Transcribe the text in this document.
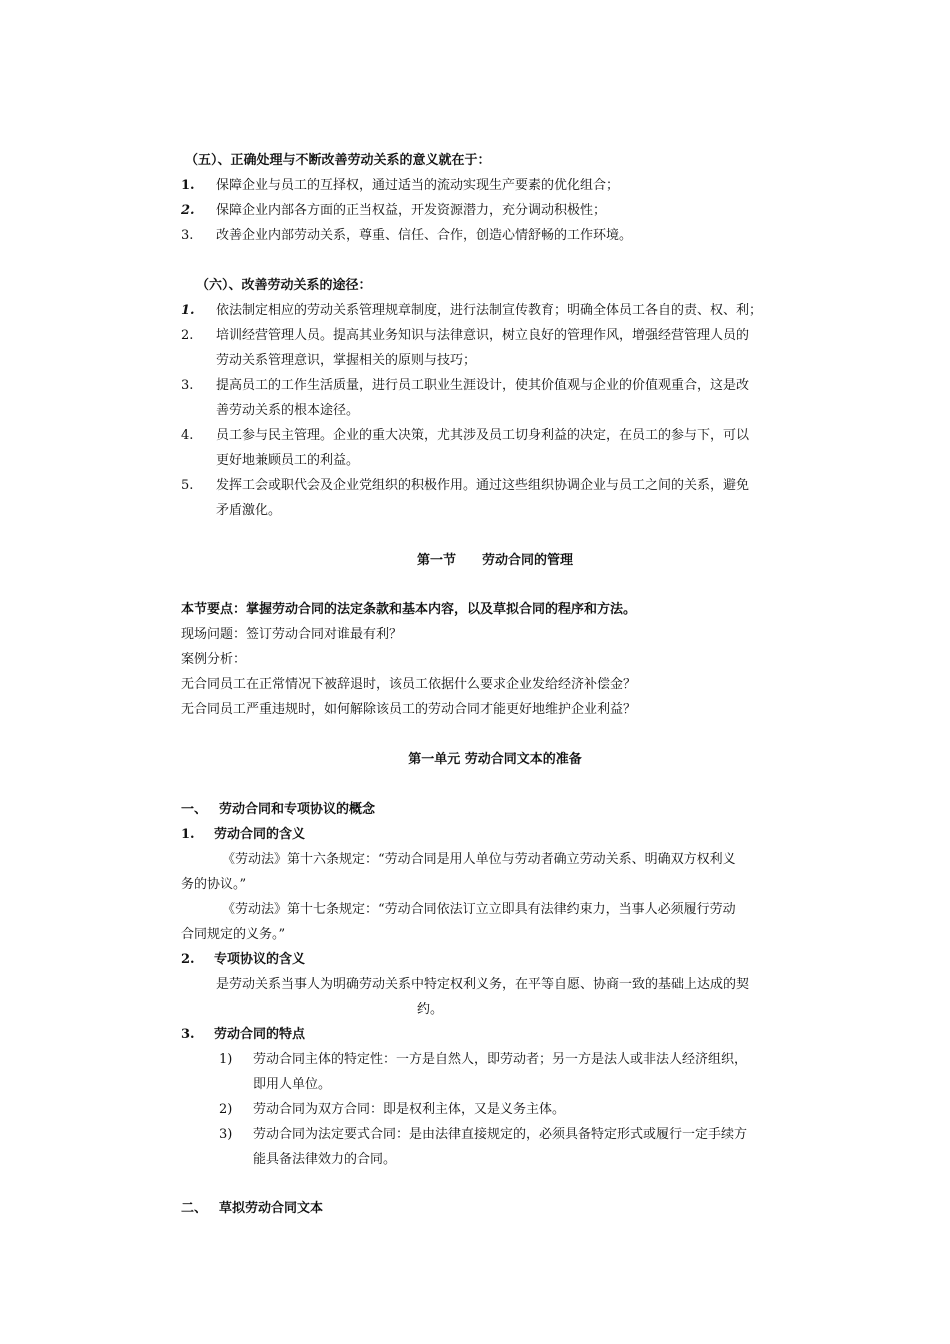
（五）、正确处理与不断改善劳动关系的意义就在于：
1. 保障企业与员工的互择权，通过适当的流动实现生产要素的优化组合；
2. 保障企业内部各方面的正当权益，开发资源潜力，充分调动积极性；
3. 改善企业内部劳动关系，尊重、信任、合作，创造心情舒畅的工作环境。
（六）、改善劳动关系的途径：
1. 依法制定相应的劳动关系管理规章制度，进行法制宣传教育；明确全体员工各自的责、权、利；
2. 培训经营管理人员。提高其业务知识与法律意识，树立良好的管理作风，增强经营管理人员的
劳动关系管理意识，掌握相关的原则与技巧；
3. 提高员工的工作生活质量，进行员工职业生涯设计，使其价值观与企业的价值观重合，这是改
善劳动关系的根本途径。
4. 员工参与民主管理。企业的重大决策，尤其涉及员工切身利益的决定，在员工的参与下，可以
更好地兼顾员工的利益。
5. 发挥工会或职代会及企业党组织的积极作用。通过这些组织协调企业与员工之间的关系，避免
矛盾激化。
第一节　　劳动合同的管理
本节要点：掌握劳动合同的法定条款和基本内容，以及草拟合同的程序和方法。
现场问题：签订劳动合同对谁最有利？
案例分析：
无合同员工在正常情况下被辞退时，该员工依据什么要求企业发给经济补偿金？
无合同员工严重违规时，如何解除该员工的劳动合同才能更好地维护企业利益？
第一单元 劳动合同文本的准备
一、 劳动合同和专项协议的概念
1. 劳动合同的含义
《劳动法》第十六条规定：“劳动合同是用人单位与劳动者确立劳动关系、明确双方权利义
务的协议。”
《劳动法》第十七条规定：“劳动合同依法订立立即具有法律约束力，当事人必须履行劳动
合同规定的义务。”
2. 专项协议的含义
是劳动关系当事人为明确劳动关系中特定权利义务，在平等自愿、协商一致的基础上达成的契
约。
3. 劳动合同的特点
1) 劳动合同主体的特定性：一方是自然人，即劳动者；另一方是法人或非法人经济组织，
即用人单位。
2) 劳动合同为双方合同：即是权利主体，又是义务主体。
3) 劳动合同为法定要式合同：是由法律直接规定的，必须具备特定形式或履行一定手续方
能具备法律效力的合同。
二、 草拟劳动合同文本
